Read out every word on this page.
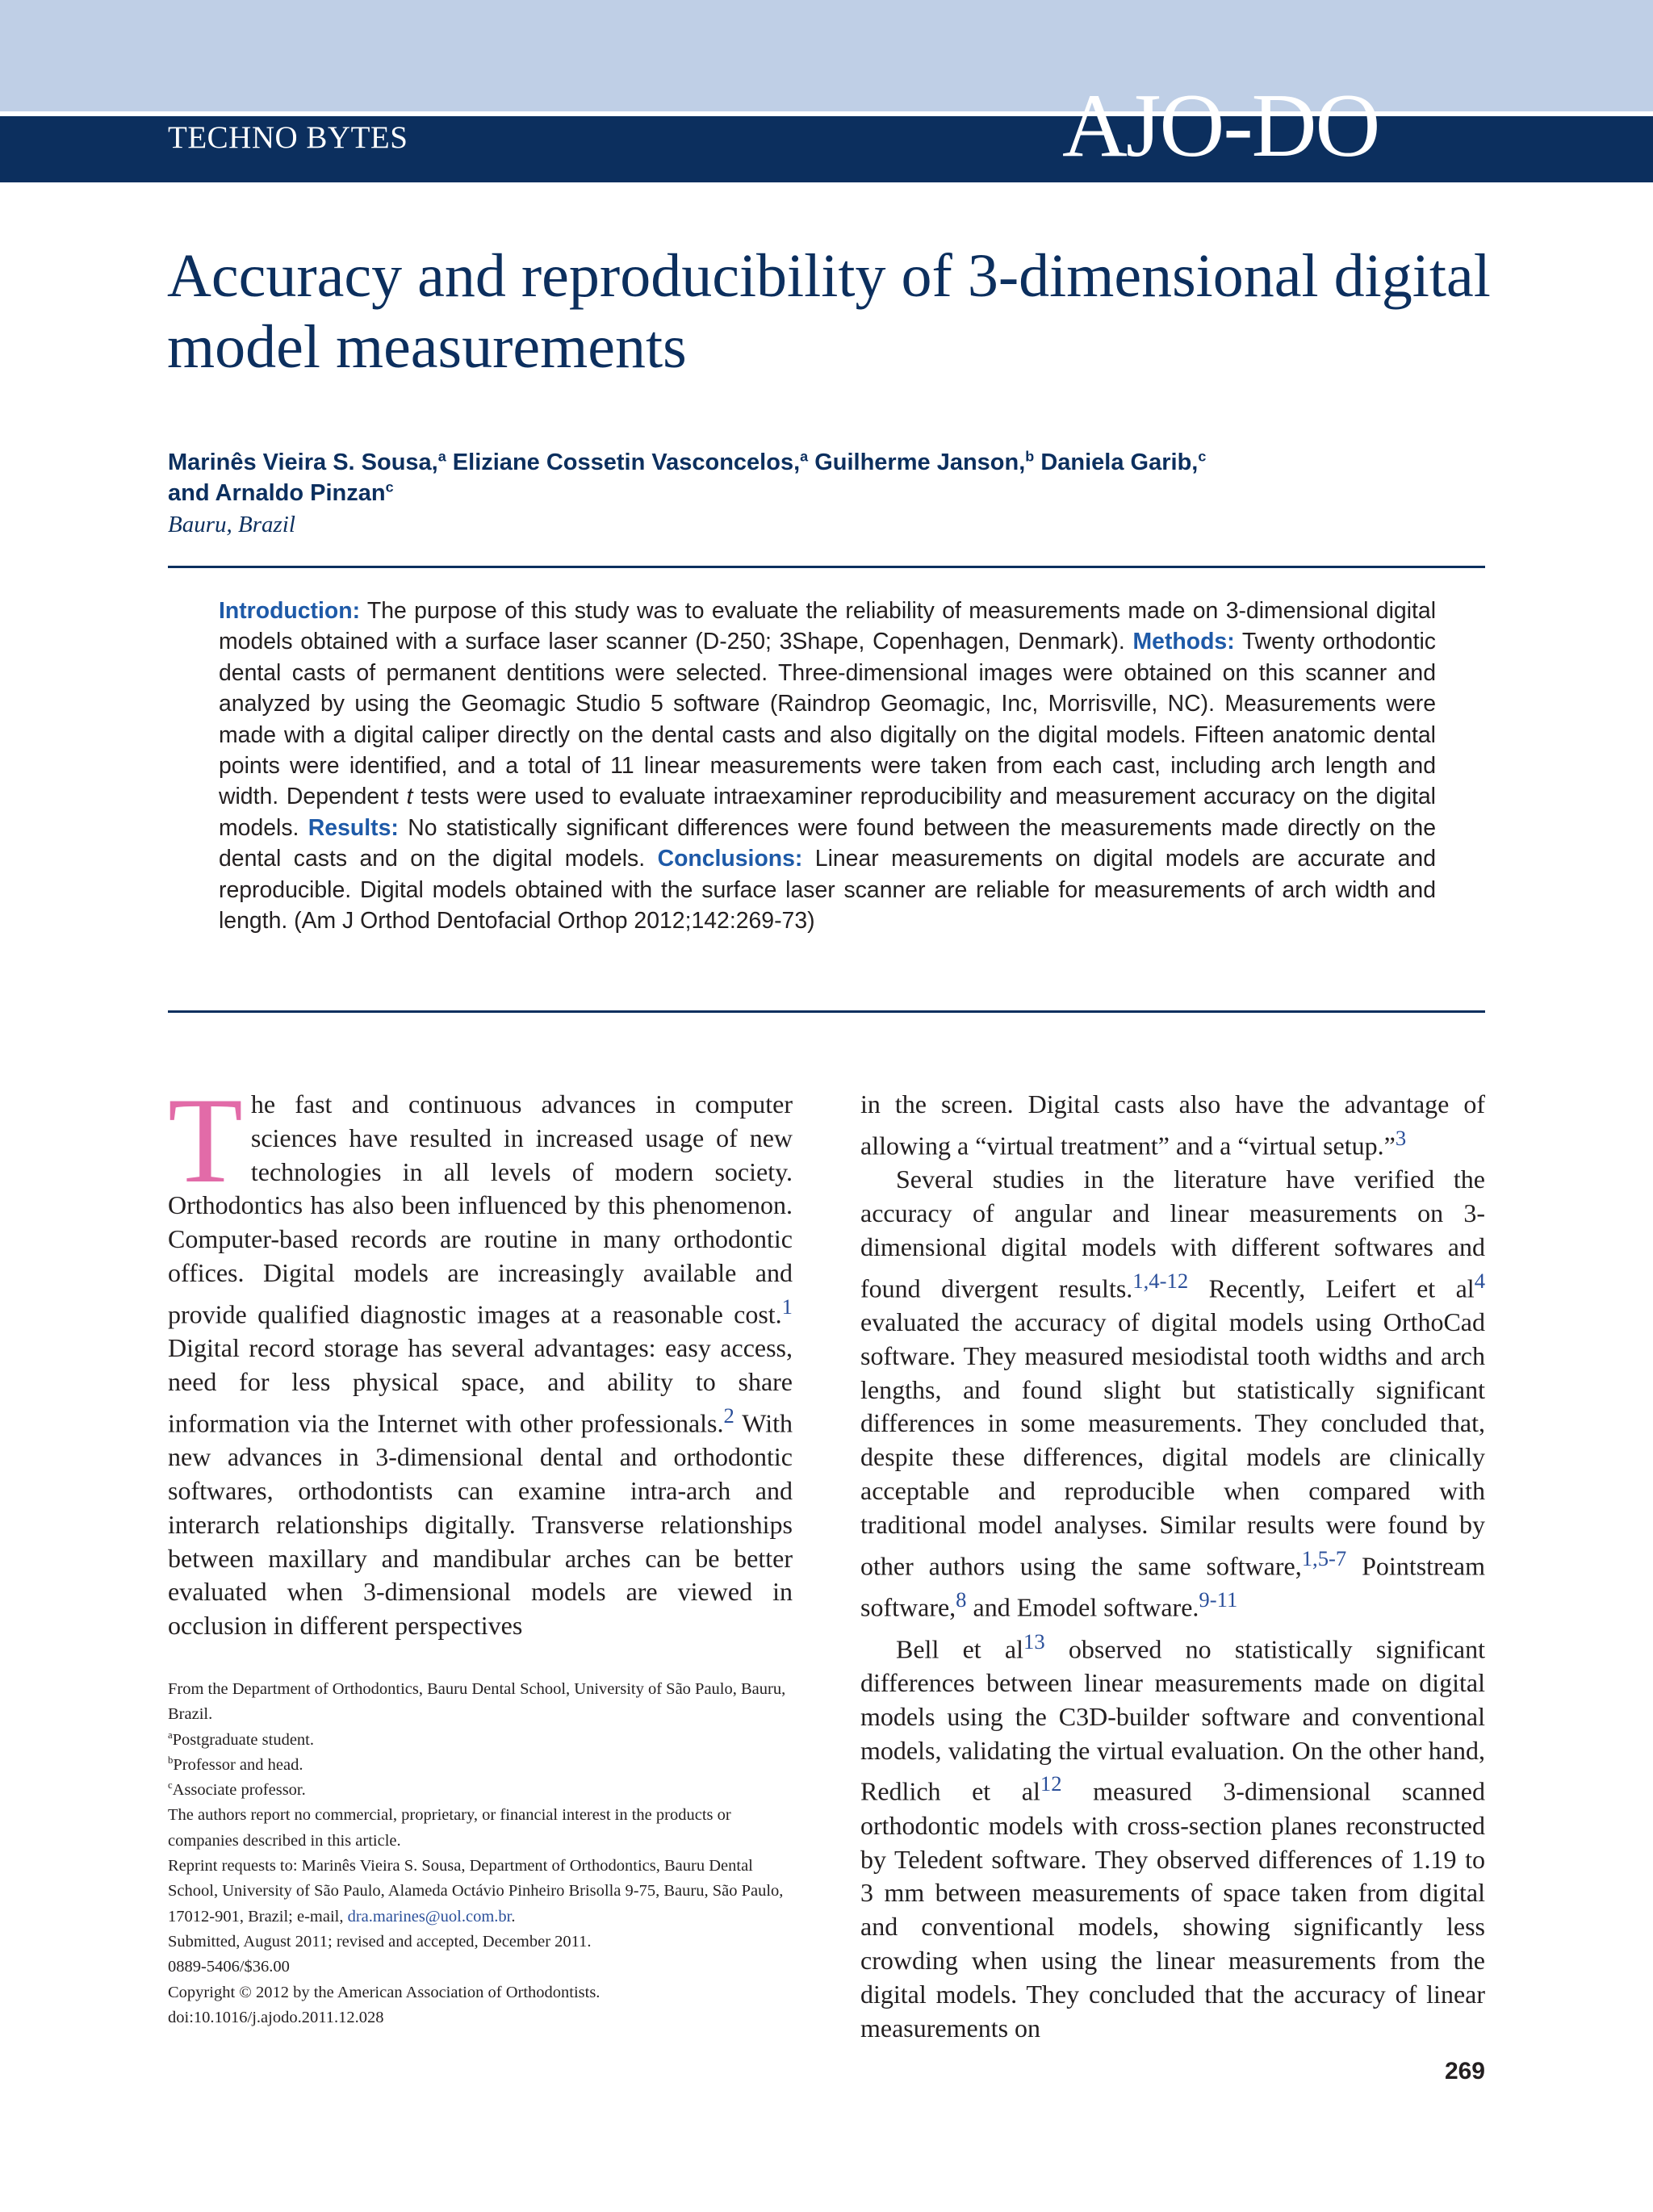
TECHNO BYTES	AJO-DO
Accuracy and reproducibility of 3-dimensional digital model measurements
Marinês Vieira S. Sousa,$^a$ Eliziane Cossetin Vasconcelos,$^a$ Guilherme Janson,$^b$ Daniela Garib,$^c$
and Arnaldo Pinzan$^c$
Bauru, Brazil

Introduction: The purpose of this study was to evaluate the reliability of measurements made on 3-dimensional digital models obtained with a surface laser scanner (D-250; 3Shape, Copenhagen, Denmark). Methods: Twenty orthodontic dental casts of permanent dentitions were selected. Three-dimensional images were obtained on this scanner and analyzed by using the Geomagic Studio 5 software (Raindrop Geomagic, Inc, Morrisville, NC). Measurements were made with a digital caliper directly on the dental casts and also digitally on the digital models. Fifteen anatomic dental points were identified, and a total of 11 linear measurements were taken from each cast, including arch length and width. Dependent t tests were used to evaluate intraexaminer reproducibility and measurement accuracy on the digital models. Results: No statistically significant differences were found between the measurements made directly on the dental casts and on the digital models. Conclusions: Linear measurements on digital models are accurate and reproducible. Digital models obtained with the surface laser scanner are reliable for measurements of arch width and length. (Am J Orthod Dentofacial Orthop 2012;142:269-73)

The fast and continuous advances in computer sciences have resulted in increased usage of new technologies in all levels of modern society. Orthodontics has also been influenced by this phenomenon. Computer-based records are routine in many orthodontic offices. Digital models are increasingly available and provide qualified diagnostic images at a reasonable cost.$^1$ Digital record storage has several advantages: easy access, need for less physical space, and ability to share information via the Internet with other professionals.$^2$ With new advances in 3-dimensional dental and orthodontic softwares, orthodontists can examine intra-arch and interarch relationships digitally. Transverse relationships between maxillary and mandibular arches can be better evaluated when 3-dimensional models are viewed in occlusion in different perspectives

in the screen. Digital casts also have the advantage of allowing a “virtual treatment” and a “virtual setup.”$^3$

Several studies in the literature have verified the accuracy of angular and linear measurements on 3-dimensional digital models with different softwares and found divergent results.$^{1,4-12}$ Recently, Leifert et al$^4$ evaluated the accuracy of digital models using OrthoCad software. They measured mesiodistal tooth widths and arch lengths, and found slight but statistically significant differences in some measurements. They concluded that, despite these differences, digital models are clinically acceptable and reproducible when compared with traditional model analyses. Similar results were found by other authors using the same software,$^{1,5-7}$ Pointstream software,$^8$ and Emodel software.$^{9-11}$

Bell et al$^{13}$ observed no statistically significant differences between linear measurements made on digital models using the C3D-builder software and conventional models, validating the virtual evaluation. On the other hand, Redlich et al$^{12}$ measured 3-dimensional scanned orthodontic models with cross-section planes reconstructed by Teledent software. They observed differences of 1.19 to 3 mm between measurements of space taken from digital and conventional models, showing significantly less crowding when using the linear measurements from the digital models. They concluded that the accuracy of linear measurements on

From the Department of Orthodontics, Bauru Dental School, University of São Paulo, Bauru, Brazil.
$^a$Postgraduate student.
$^b$Professor and head.
$^c$Associate professor.
The authors report no commercial, proprietary, or financial interest in the products or companies described in this article.
Reprint requests to: Marinês Vieira S. Sousa, Department of Orthodontics, Bauru Dental School, University of São Paulo, Alameda Octávio Pinheiro Brisolla 9-75, Bauru, São Paulo, 17012-901, Brazil; e-mail, dra.marines@uol.com.br.
Submitted, August 2011; revised and accepted, December 2011.
0889-5406/$36.00
Copyright © 2012 by the American Association of Orthodontists.
doi:10.1016/j.ajodo.2011.12.028
269
